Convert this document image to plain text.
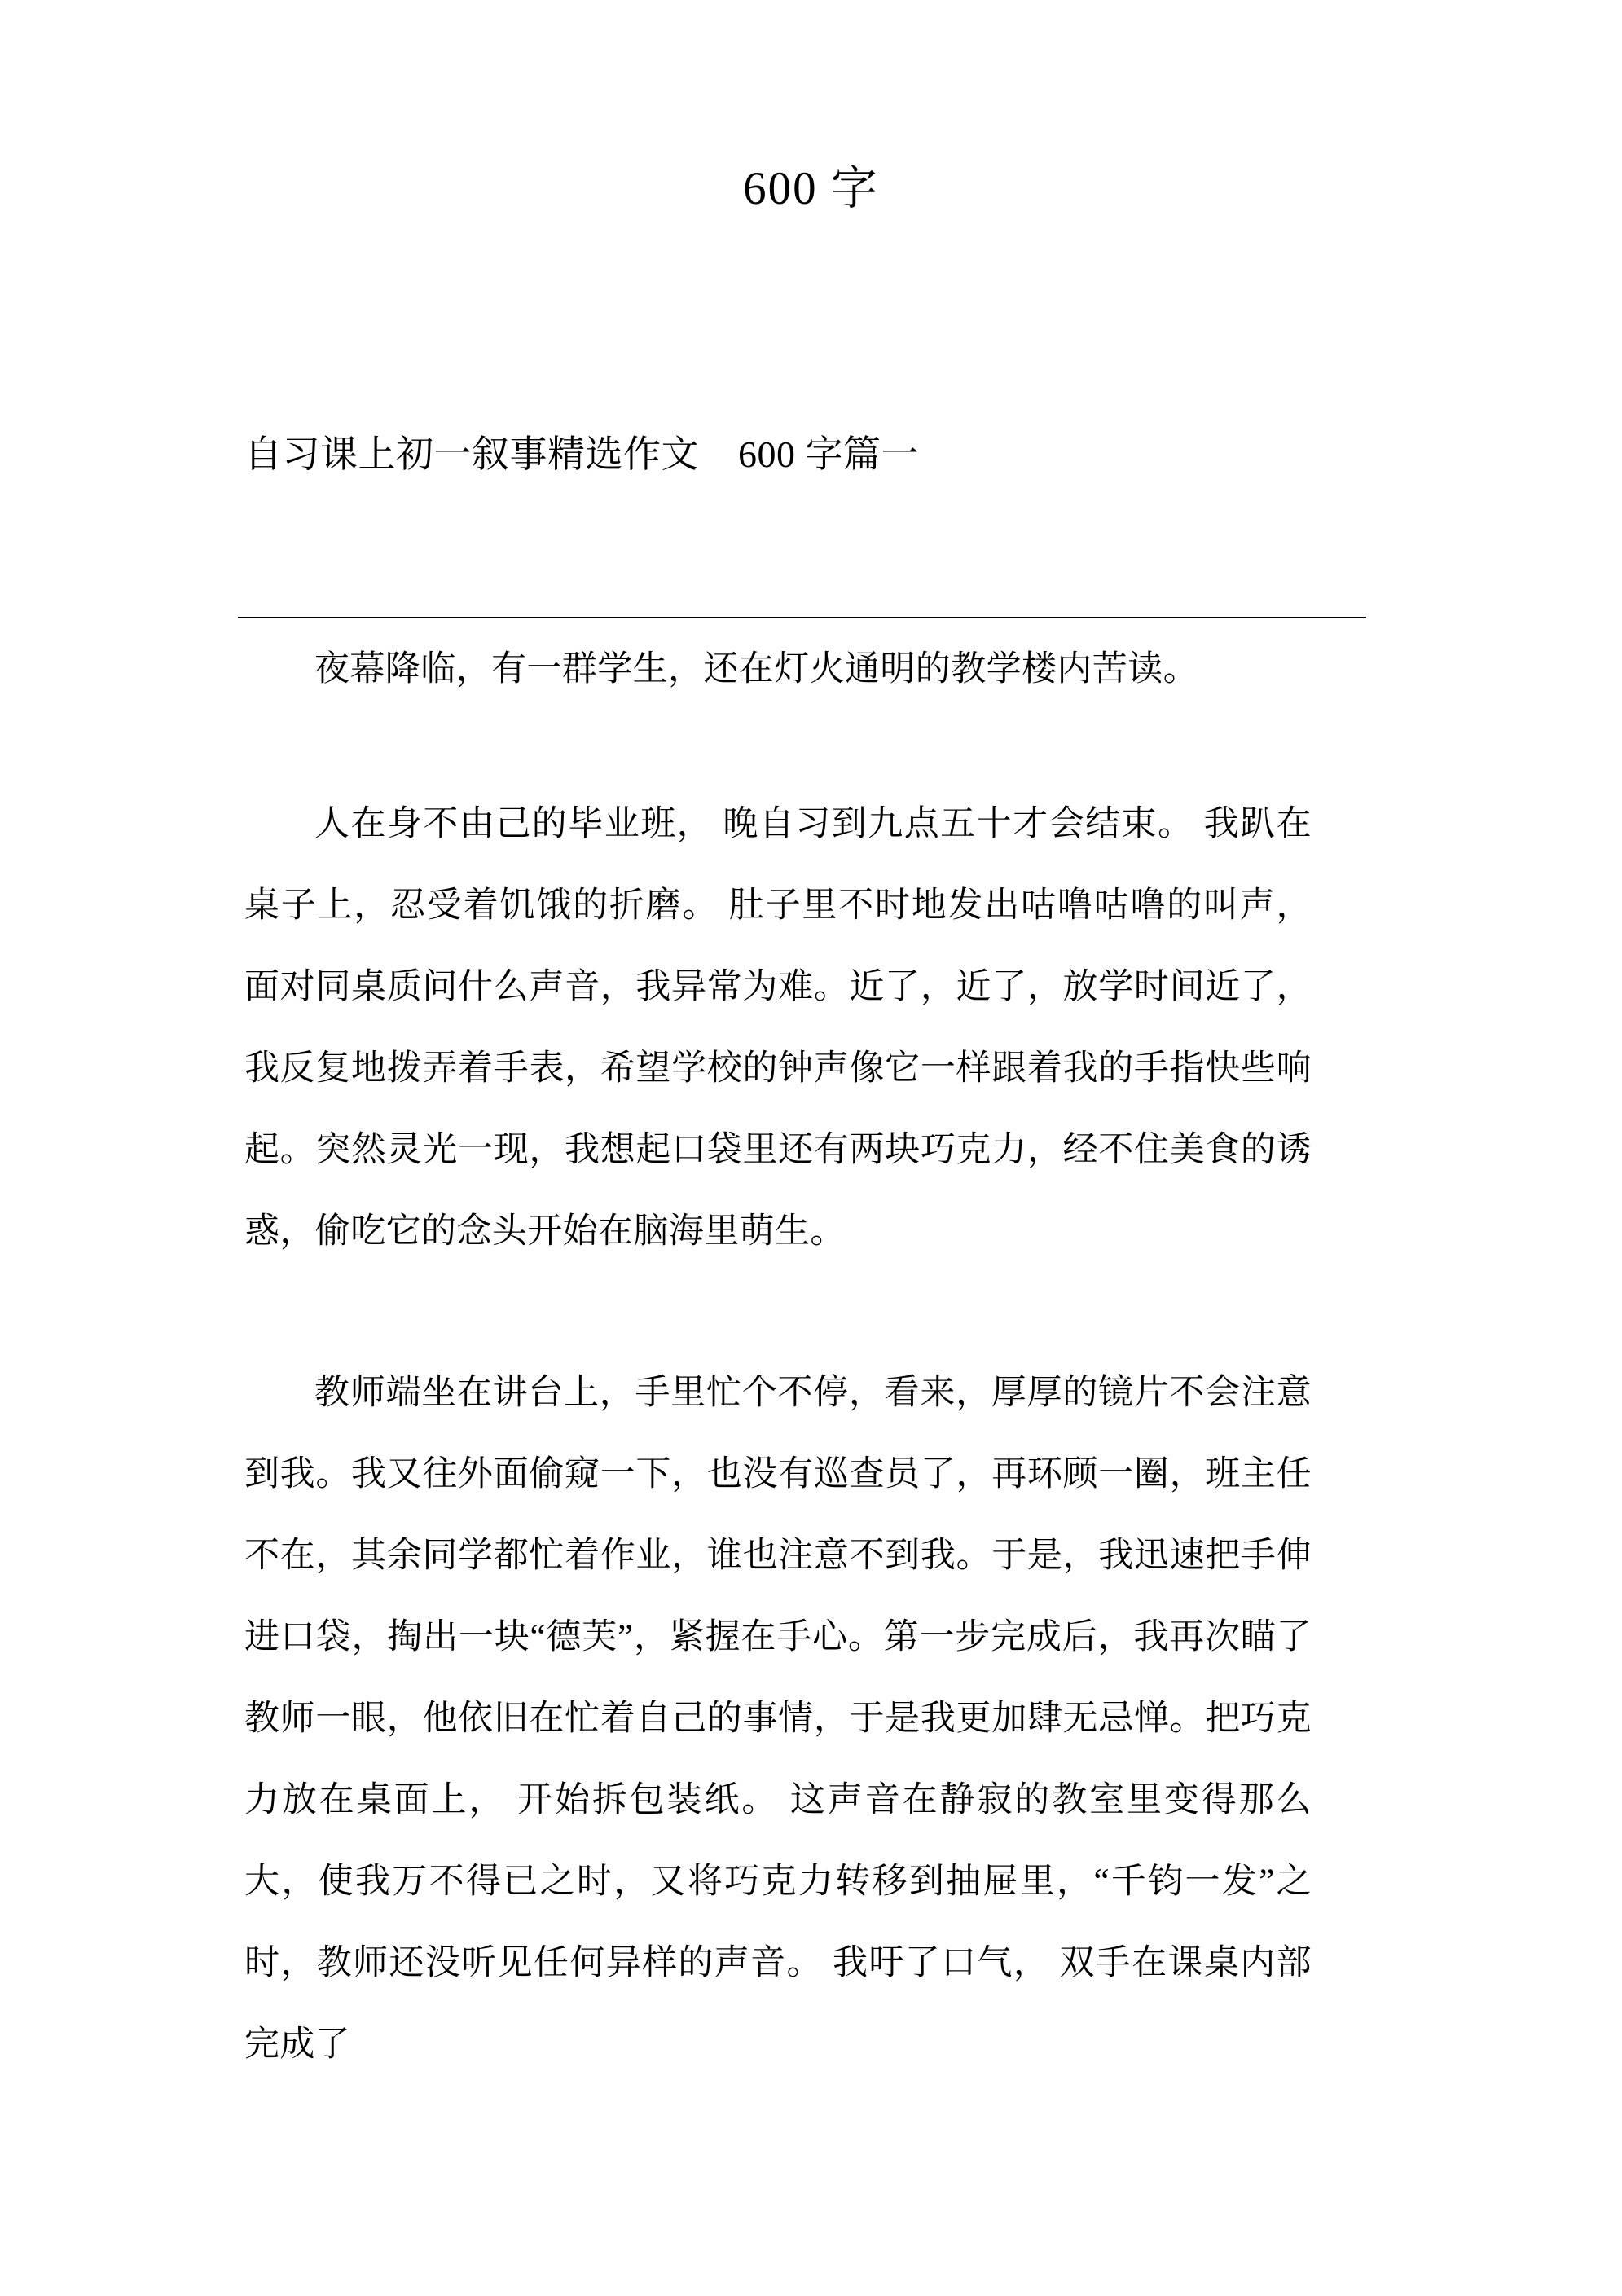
600 字
自习课上初一叙事精选作文    600 字篇一

夜幕降临，有一群学生，还在灯火通明的教学楼内苦读。

人在身不由己的毕业班， 晚自习到九点五十才会结束。 我趴在桌子上，忍受着饥饿的折磨。 肚子里不时地发出咕噜咕噜的叫声，面对同桌质问什么声音，我异常为难。近了，近了，放学时间近了，我反复地拨弄着手表，希望学校的钟声像它一样跟着我的手指快些响起。突然灵光一现，我想起口袋里还有两块巧克力，经不住美食的诱惑，偷吃它的念头开始在脑海里萌生。

教师端坐在讲台上，手里忙个不停，看来，厚厚的镜片不会注意到我。我又往外面偷窥一下，也没有巡查员了，再环顾一圈，班主任不在，其余同学都忙着作业，谁也注意不到我。于是，我迅速把手伸进口袋，掏出一块“德芙”，紧握在手心。第一步完成后，我再次瞄了教师一眼，他依旧在忙着自己的事情，于是我更加肆无忌惮。把巧克力放在桌面上， 开始拆包装纸。 这声音在静寂的教室里变得那么大，使我万不得已之时，又将巧克力转移到抽屉里，“千钧一发”之时，教师还没听见任何异样的声音。 我吁了口气， 双手在课桌内部完成了
